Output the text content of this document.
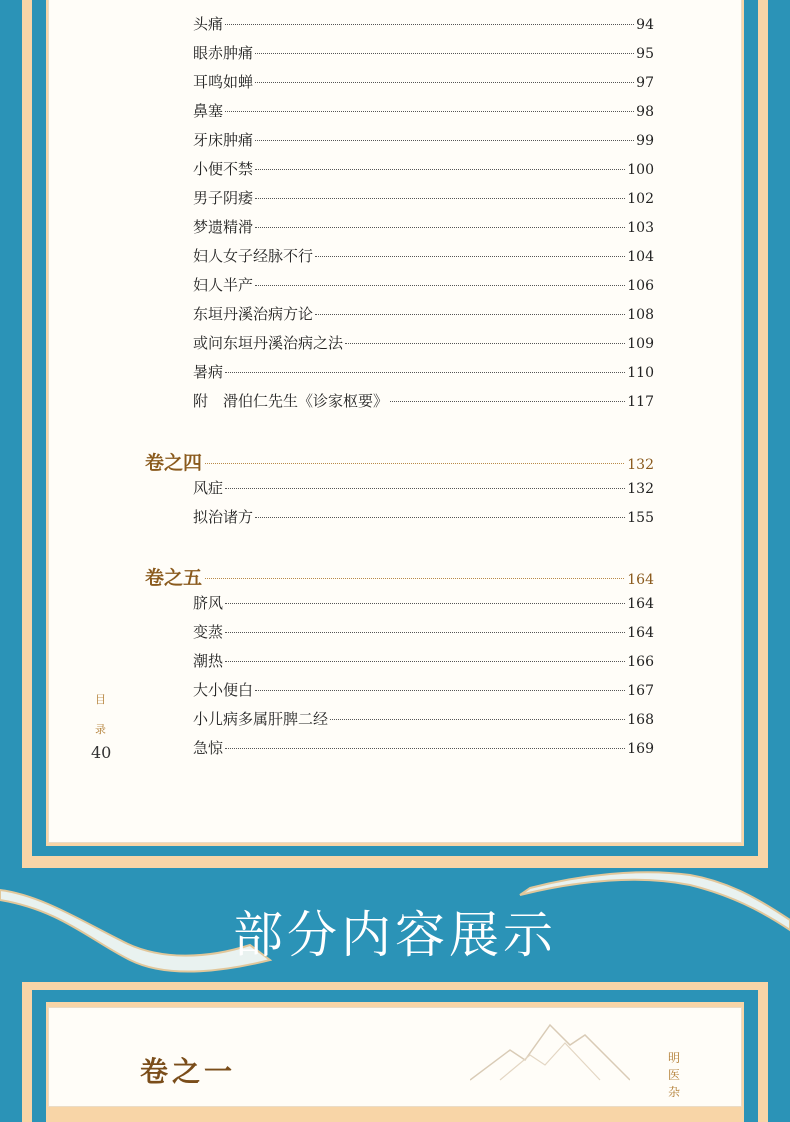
头痛	94
眼赤肿痛	95
耳鸣如蝉	97
鼻塞	98
牙床肿痛	99
小便不禁	100
男子阴痿	102
梦遗精滑	103
妇人女子经脉不行	104
妇人半产	106
东垣丹溪治病方论	108
或问东垣丹溪治病之法	109
暑病	110
附　滑伯仁先生《诊家枢要》	117
卷之四	132
风症	132
拟治诸方	155
卷之五	164
脐风	164
变蒸	164
潮热	166
大小便白	167
小儿病多属肝脾二经	168
急惊	169
目
录
40
部分内容展示
卷之一	明
医
杂
